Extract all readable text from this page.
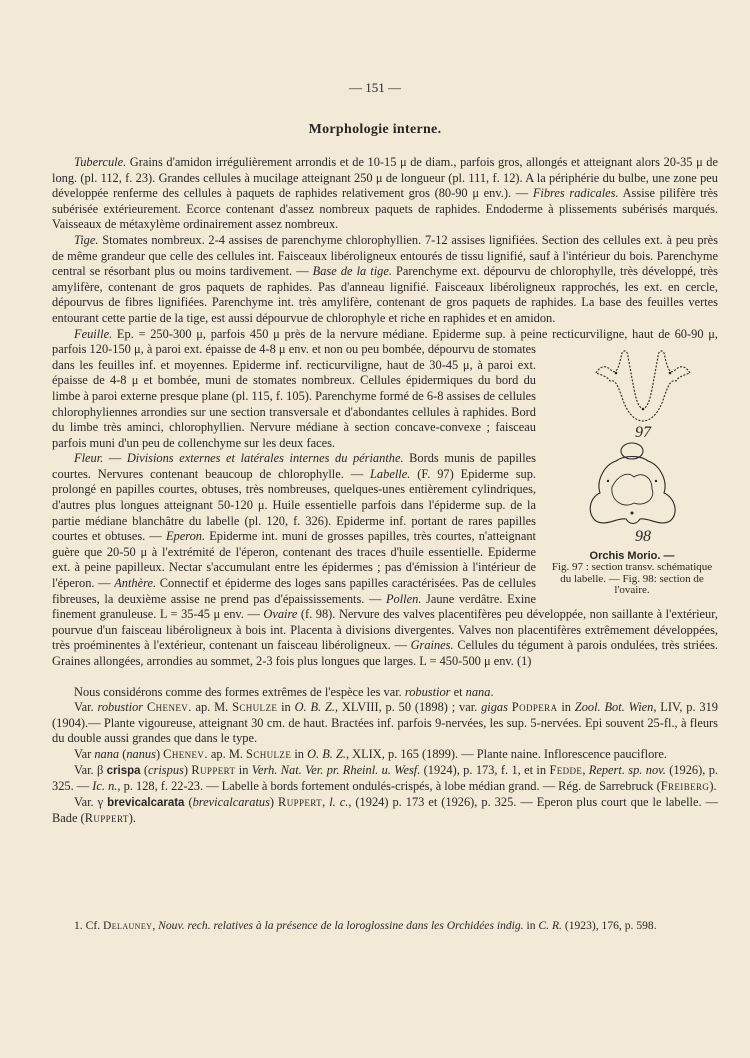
— 151 —
Morphologie interne.

Tubercule. Grains d'amidon irrégulièrement arrondis et de 10-15 μ de diam., parfois gros, allongés et atteignant alors 20-35 μ de long. (pl. 112, f. 23). Grandes cellules à mucilage atteignant 250 μ de longueur (pl. 111, f. 12). A la périphérie du bulbe, une zone peu développée renferme des cellules à paquets de raphides relativement gros (80-90 μ env.). — Fibres radicales. Assise pilifère très subérisée extérieurement. Ecorce contenant d'assez nombreux paquets de raphides. Endoderme à plissements subérisés marqués. Vaisseaux de métaxylème ordinairement assez nombreux.

Tige. Stomates nombreux. 2-4 assises de parenchyme chlorophyllien. 7-12 assises lignifiées. Section des cellules ext. à peu près de même grandeur que celle des cellules int. Faisceaux libéroligneux entourés de tissu lignifié, sauf à l'intérieur du bois. Parenchyme central se résorbant plus ou moins tardivement. — Base de la tige. Parenchyme ext. dépourvu de chlorophylle, très développé, très amylifère, contenant de gros paquets de raphides. Pas d'anneau lignifié. Faisceaux libéroligneux rapprochés, les ext. en cercle, dépourvus de fibres lignifiées. Parenchyme int. très amylifère, contenant de gros paquets de raphides. La base des feuilles vertes entourant cette partie de la tige, est aussi dépourvue de chlorophyle et riche en raphides et en amidon.

97
98
Orchis Morio. —
Fig. 97 : section transv. schématique du labelle. — Fig. 98: section de l'ovaire.
Feuille. Ep. = 250-300 μ, parfois 450 μ près de la nervure médiane. Epiderme sup. à peine recticurviligne, haut de 60-90 μ, parfois 120-150 μ, à paroi ext. épaisse de 4-8 μ env. et non ou peu bombée, dépourvu de stomates dans les feuilles inf. et moyennes. Epiderme inf. recticurviligne, haut de 30-45 μ, à paroi ext. épaisse de 4-8 μ et bombée, muni de stomates nombreux. Cellules épidermiques du bord du limbe à paroi externe presque plane (pl. 115, f. 105). Parenchyme formé de 6-8 assises de cellules chlorophyliennes arrondies sur une section transversale et d'abondantes cellules à raphides. Bord du limbe très aminci, chlorophyllien. Nervure médiane à section concave-convexe ; faisceau parfois muni d'un peu de collenchyme sur les deux faces.

Fleur. — Divisions externes et latérales internes du périanthe. Bords munis de papilles courtes. Nervures contenant beaucoup de chlorophylle. — Labelle. (F. 97) Epiderme sup. prolongé en papilles courtes, obtuses, très nombreuses, quelques-unes entièrement cylindriques, d'autres plus longues atteignant 50-120 μ. Huile essentielle parfois dans l'épiderme sup. de la partie médiane blanchâtre du labelle (pl. 120, f. 326). Epiderme inf. portant de rares papilles courtes et obtuses. — Eperon. Epiderme int. muni de grosses papilles, très courtes, n'atteignant guère que 20-50 μ à l'extrémité de l'éperon, contenant des traces d'huile essentielle. Epiderme ext. à peine papilleux. Nectar s'accumulant entre les épidermes ; pas d'émission à l'intérieur de l'éperon. — Anthère. Connectif et épiderme des loges sans papilles caractérisées. Pas de cellules fibreuses, la deuxième assise ne prend pas d'épaississements. — Pollen. Jaune verdâtre. Exine finement granuleuse. L = 35-45 μ env. — Ovaire (f. 98). Nervure des valves placentifères peu développée, non saillante à l'extérieur, pourvue d'un faisceau libéroligneux à bois int. Placenta à divisions divergentes. Valves non placentifères extrêmement développées, très proéminentes à l'extérieur, contenant un faisceau libéroligneux. — Graines. Cellules du tégument à parois ondulées, très striées. Graines allongées, arrondies au sommet, 2-3 fois plus longues que larges. L = 450-500 μ env. (1)

Nous considérons comme des formes extrêmes de l'espèce les var. robustior et nana.

Var. robustior Chenev. ap. M. Schulze in O. B. Z., XLVIII, p. 50 (1898) ; var. gigas Podpera in Zool. Bot. Wien, LIV, p. 319 (1904).— Plante vigoureuse, atteignant 30 cm. de haut. Bractées inf. parfois 9-nervées, les sup. 5-nervées. Epi souvent 25-fl., à fleurs du double aussi grandes que dans le type.

Var nana (nanus) Chenev. ap. M. Schulze in O. B. Z., XLIX, p. 165 (1899). — Plante naine. Inflorescence pauciflore.

Var. β crispa (crispus) Ruppert in Verh. Nat. Ver. pr. Rheinl. u. Wesf. (1924), p. 173, f. 1, et in Fedde, Repert. sp. nov. (1926), p. 325. — Ic. n., p. 128, f. 22-23. — Labelle à bords fortement ondulés-crispés, à lobe médian grand. — Rég. de Sarrebruck (Freiberg).

Var. γ brevicalcarata (brevicalcaratus) Ruppert, l. c., (1924) p. 173 et (1926), p. 325. — Eperon plus court que le labelle. — Bade (Ruppert).

1. Cf. Delauney, Nouv. rech. relatives à la présence de la loroglossine dans les Orchidées indig. in C. R. (1923), 176, p. 598.
